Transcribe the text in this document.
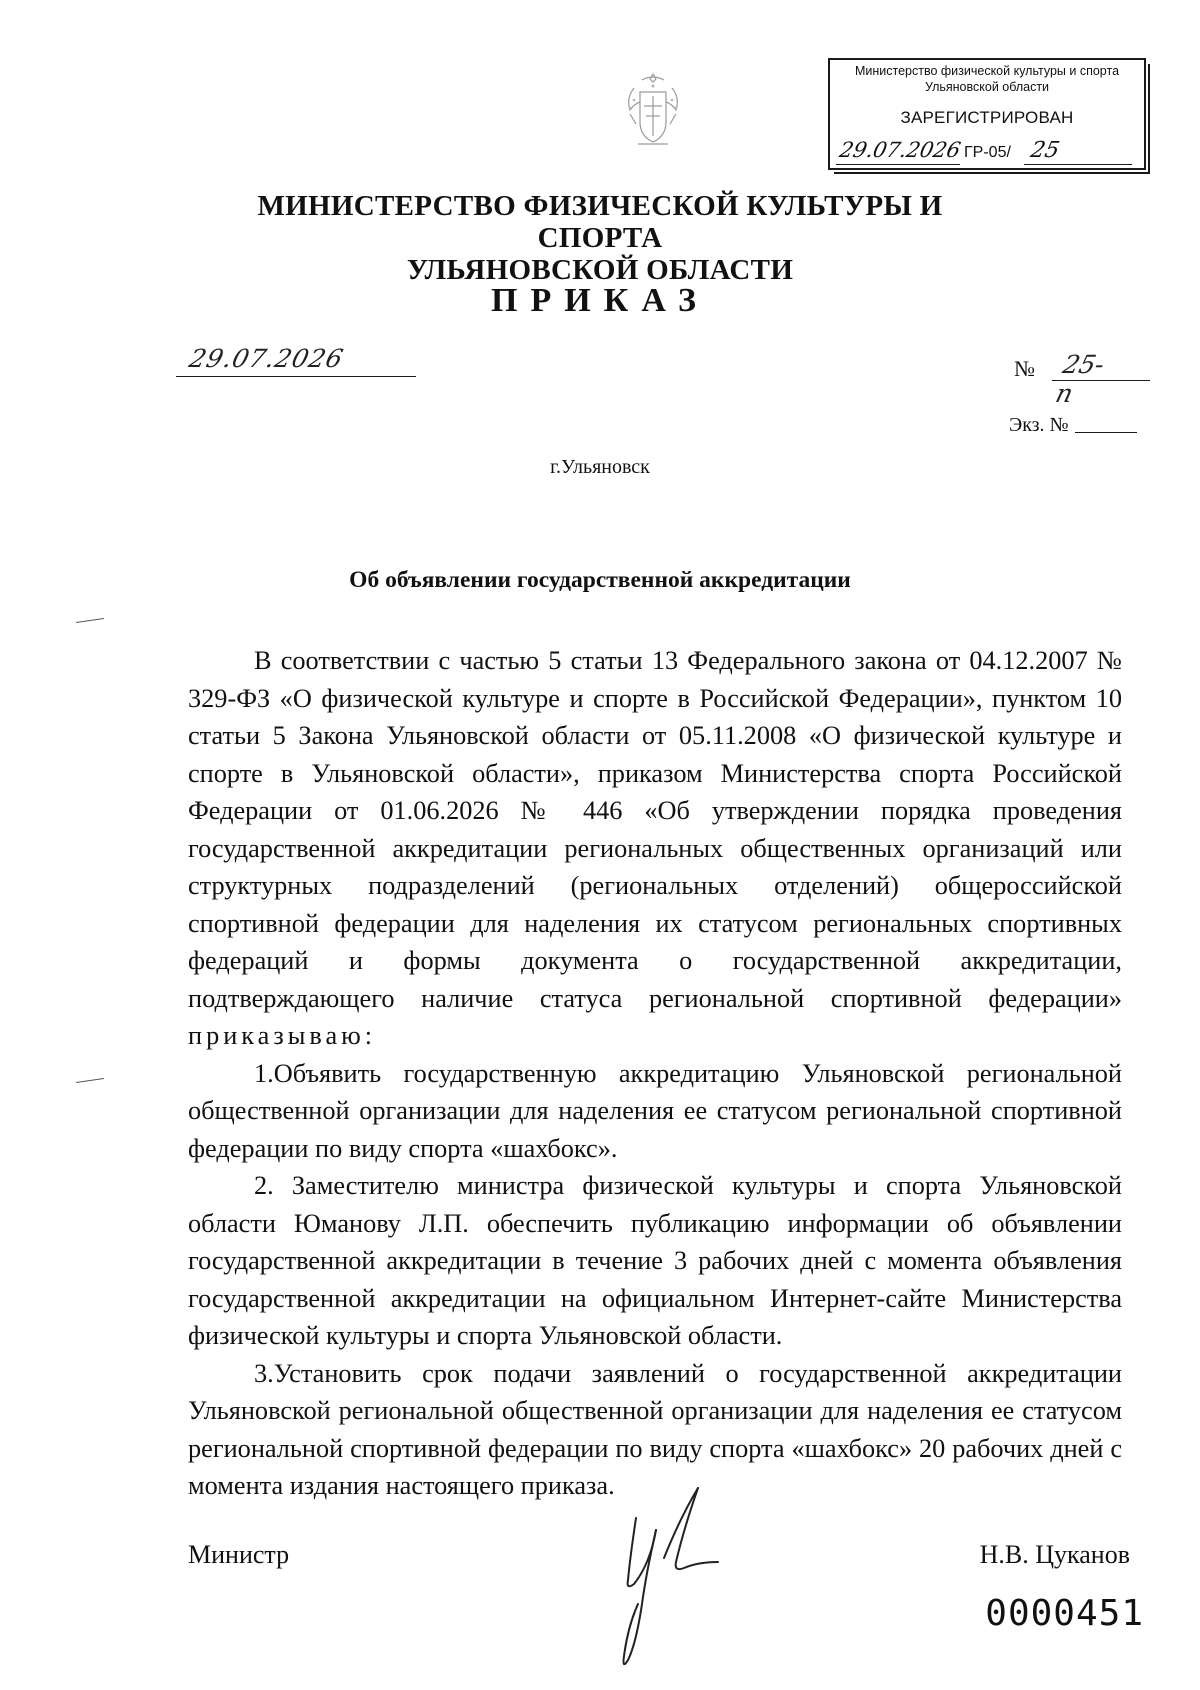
Министерство физической культуры и спорта Ульяновской области
ЗАРЕГИСТРИРОВАН
29.07.2026 ГР-05/ 25
МИНИСТЕРСТВО ФИЗИЧЕСКОЙ КУЛЬТУРЫ И СПОРТА
УЛЬЯНОВСКОЙ ОБЛАСТИ
ПРИКАЗ
29.07.2026	№ 25-п
Экз. №
г.Ульяновск
Об объявлении государственной аккредитации

В соответствии с частью 5 статьи 13 Федерального закона от 04.12.2007 № 329-ФЗ «О физической культуре и спорте в Российской Федерации», пунктом 10 статьи 5 Закона Ульяновской области от 05.11.2008 «О физической культуре и спорте в Ульяновской области», приказом Министерства спорта Российской Федерации от 01.06.2026 № 446 «Об утверждении порядка проведения государственной аккредитации региональных общественных организаций или структурных подразделений (региональных отделений) общероссийской спортивной федерации для наделения их статусом региональных спортивных федераций и формы документа о государственной аккредитации, подтверждающего наличие статуса региональной спортивной федерации» приказываю:

1.Объявить государственную аккредитацию Ульяновской региональной общественной организации для наделения ее статусом региональной спортивной федерации по виду спорта «шахбокс».

2. Заместителю министра физической культуры и спорта Ульяновской области Юманову Л.П. обеспечить публикацию информации об объявлении государственной аккредитации в течение 3 рабочих дней с момента объявления государственной аккредитации на официальном Интернет-сайте Министерства физической культуры и спорта Ульяновской области.

3.Установить срок подачи заявлений о государственной аккредитации Ульяновской региональной общественной организации для наделения ее статусом региональной спортивной федерации по виду спорта «шахбокс» 20 рабочих дней с момента издания настоящего приказа.

Министр	Н.В. Цуканов
0000451
